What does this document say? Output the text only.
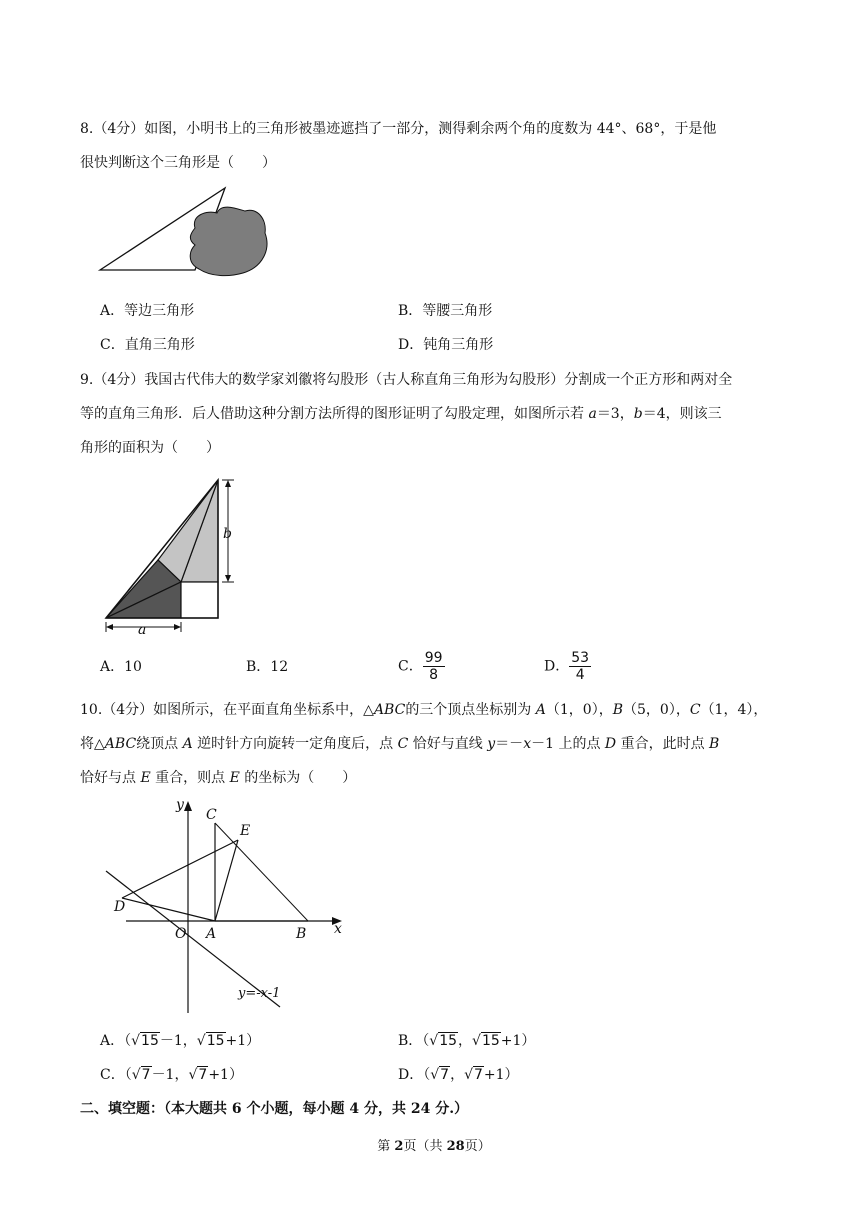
8.（4分）如图，小明书上的三角形被墨迹遮挡了一部分，测得剩余两个角的度数为 44°、68°，于是他
很快判断这个三角形是（　　）
A．等边三角形	B．等腰三角形
C．直角三角形	D．钝角三角形
9.（4分）我国古代伟大的数学家刘徽将勾股形（古人称直角三角形为勾股形）分割成一个正方形和两对全
等的直角三角形．后人借助这种分割方法所得的图形证明了勾股定理，如图所示若 a＝3，b＝4，则该三
角形的面积为（　　）
b
a
A．10	B．12	C． $\frac{99}{8}$	D． $\frac{53}{4}$
10.（4分）如图所示，在平面直角坐标系中，△ABC的三个顶点坐标别为 A（1，0），B（5，0），C（1，4），
将△ABC绕顶点 A 逆时针方向旋转一定角度后，点 C 恰好与直线 y＝－x－1 上的点 D 重合，此时点 B
恰好与点 E 重合，则点 E 的坐标为（　　）
y
x
C
E
D
O A	B
y=-x-1
A．（√15－1，√15+1）	B．（√15，√15+1）
C．（√7－1，√7+1）	D．（√7，√7+1）
二、填空题：（本大题共 6 个小题，每小题 4 分，共 24 分.）
第 2页（共 28页）
